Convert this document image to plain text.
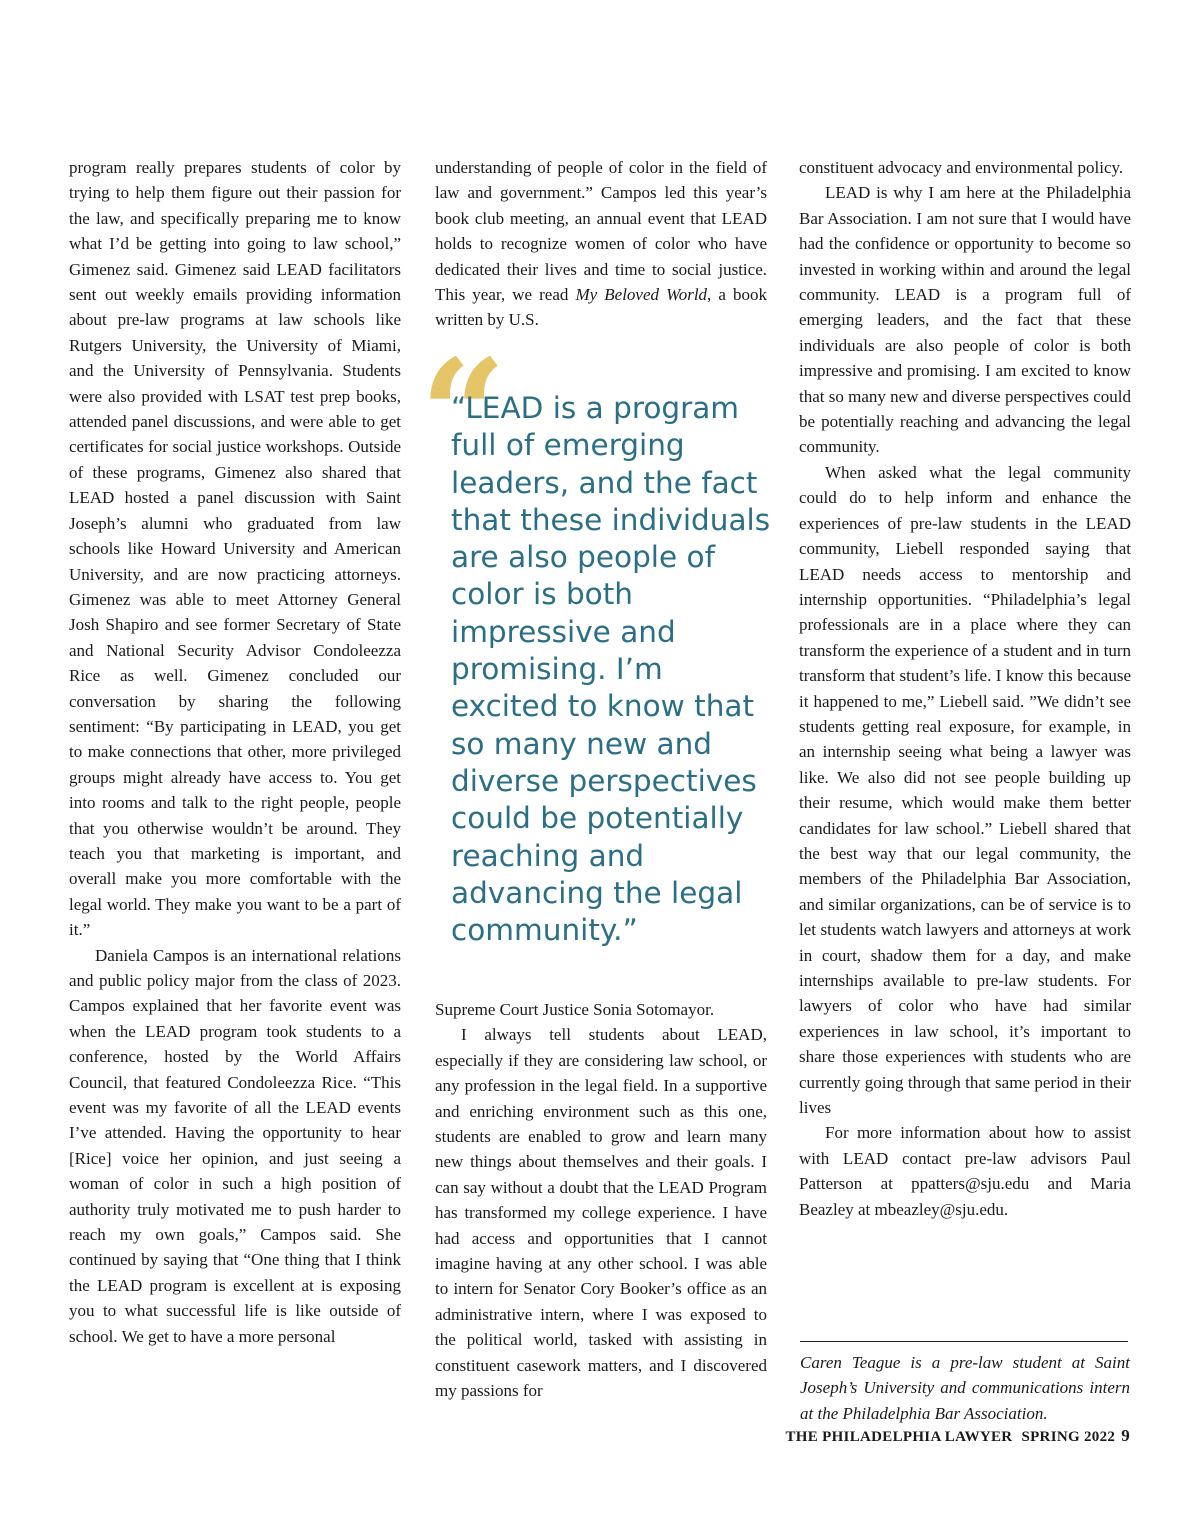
program really prepares students of color by trying to help them figure out their passion for the law, and specifically preparing me to know what I’d be getting into going to law school,” Gimenez said. Gimenez said LEAD facilitators sent out weekly emails providing information about pre-law programs at law schools like Rutgers University, the University of Miami, and the University of Pennsylvania. Students were also provided with LSAT test prep books, attended panel discussions, and were able to get certificates for social justice workshops. Outside of these programs, Gimenez also shared that LEAD hosted a panel discussion with Saint Joseph’s alumni who graduated from law schools like Howard University and American University, and are now practicing attorneys. Gimenez was able to meet Attorney General Josh Shapiro and see former Secretary of State and National Security Advisor Condoleezza Rice as well. Gimenez concluded our conversation by sharing the following sentiment: “By participating in LEAD, you get to make connections that other, more privileged groups might already have access to. You get into rooms and talk to the right people, people that you otherwise wouldn’t be around. They teach you that marketing is important, and overall make you more comfortable with the legal world. They make you want to be a part of it.”

Daniela Campos is an international relations and public policy major from the class of 2023. Campos explained that her favorite event was when the LEAD program took students to a conference, hosted by the World Affairs Council, that featured Condoleezza Rice. “This event was my favorite of all the LEAD events I’ve attended. Having the opportunity to hear [Rice] voice her opinion, and just seeing a woman of color in such a high position of authority truly motivated me to push harder to reach my own goals,” Campos said. She continued by saying that “One thing that I think the LEAD program is excellent at is exposing you to what successful life is like outside of school. We get to have a more personal

understanding of people of color in the field of law and government.” Campos led this year’s book club meeting, an annual event that LEAD holds to recognize women of color who have dedicated their lives and time to social justice. This year, we read My Beloved World, a book written by U.S.

Supreme Court Justice Sonia Sotomayor.

I always tell students about LEAD, especially if they are considering law school, or any profession in the legal field. In a supportive and enriching environment such as this one, students are enabled to grow and learn many new things about themselves and their goals. I can say without a doubt that the LEAD Program has transformed my college experience. I have had access and opportunities that I cannot imagine having at any other school. I was able to intern for Senator Cory Booker’s office as an administrative intern, where I was exposed to the political world, tasked with assisting in constituent casework matters, and I discovered my passions for

“
“LEAD is a program full of emerging leaders, and the fact that these individuals are also people of color is both impressive and promising. I’m excited to know that so many new and diverse perspectives could be potentially reaching and advancing the legal community.”

constituent advocacy and environmental policy.

LEAD is why I am here at the Philadelphia Bar Association. I am not sure that I would have had the confidence or opportunity to become so invested in working within and around the legal community. LEAD is a program full of emerging leaders, and the fact that these individuals are also people of color is both impressive and promising. I am excited to know that so many new and diverse perspectives could be potentially reaching and advancing the legal community.

When asked what the legal community could do to help inform and enhance the experiences of pre-law students in the LEAD community, Liebell responded saying that LEAD needs access to mentorship and internship opportunities. “Philadelphia’s legal professionals are in a place where they can transform the experience of a student and in turn transform that student’s life. I know this because it happened to me,” Liebell said. ”We didn’t see students getting real exposure, for example, in an internship seeing what being a lawyer was like. We also did not see people building up their resume, which would make them better candidates for law school.” Liebell shared that the best way that our legal community, the members of the Philadelphia Bar Association, and similar organizations, can be of service is to let students watch lawyers and attorneys at work in court, shadow them for a day, and make internships available to pre-law students. For lawyers of color who have had similar experiences in law school, it’s important to share those experiences with students who are currently going through that same period in their lives

For more information about how to assist with LEAD contact pre-law advisors Paul Patterson at ppatters@sju.edu and Maria Beazley at mbeazley@sju.edu.

Caren Teague is a pre-law student at Saint Joseph’s University and communications intern at the Philadelphia Bar Association.
THE PHILADELPHIA LAWYER SPRING 2022 9
